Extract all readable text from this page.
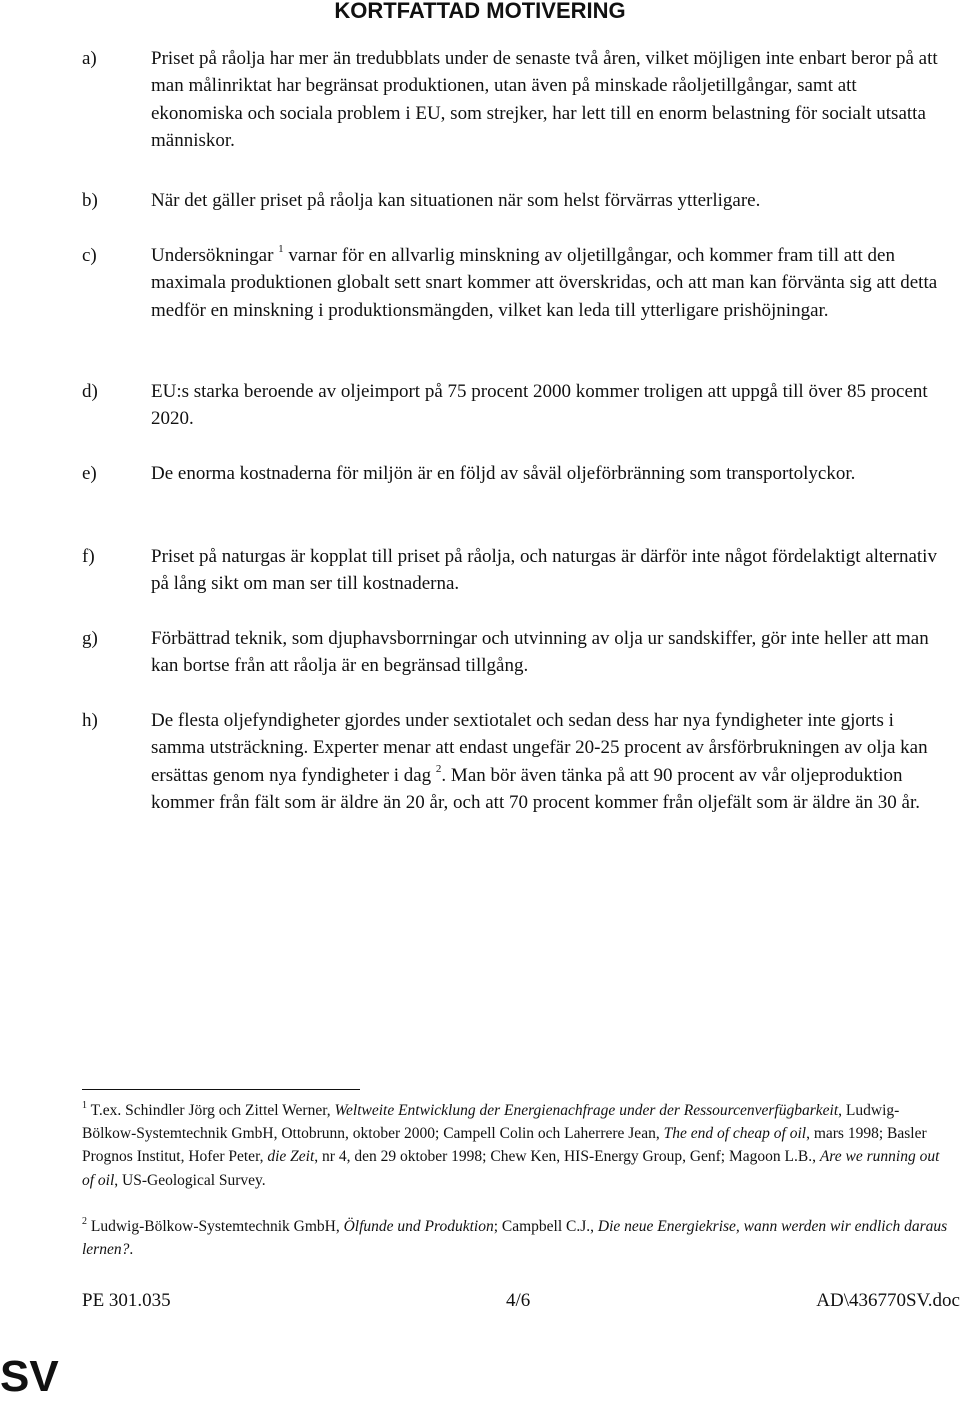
KORTFATTAD MOTIVERING
a)	Priset på råolja har mer än tredubblats under de senaste två åren, vilket möjligen inte enbart beror på att man målinriktat har begränsat produktionen, utan även på minskade råoljetillgångar, samt att ekonomiska och sociala problem i EU, som strejker, har lett till en enorm belastning för socialt utsatta människor.
b)	När det gäller priset på råolja kan situationen när som helst förvärras ytterligare.
c)	Undersökningar $^1$ varnar för en allvarlig minskning av oljetillgångar, och kommer fram till att den maximala produktionen globalt sett snart kommer att överskridas, och att man kan förvänta sig att detta medför en minskning i produktionsmängden, vilket kan leda till ytterligare prishöjningar.
d)	EU:s starka beroende av oljeimport på 75 procent 2000 kommer troligen att uppgå till över 85 procent 2020.
e)	De enorma kostnaderna för miljön är en följd av såväl oljeförbränning som transportolyckor.
f)	Priset på naturgas är kopplat till priset på råolja, och naturgas är därför inte något fördelaktigt alternativ på lång sikt om man ser till kostnaderna.
g)	Förbättrad teknik, som djuphavsborrningar och utvinning av olja ur sandskiffer, gör inte heller att man kan bortse från att råolja är en begränsad tillgång.
h)	De flesta oljefyndigheter gjordes under sextiotalet och sedan dess har nya fyndigheter inte gjorts i samma utsträckning. Experter menar att endast ungefär 20-25 procent av årsförbrukningen av olja kan ersättas genom nya fyndigheter i dag $^2$. Man bör även tänka på att 90 procent av vår oljeproduktion kommer från fält som är äldre än 20 år, och att 70 procent kommer från oljefält som är äldre än 30 år.
$^1$ T.ex. Schindler Jörg och Zittel Werner, Weltweite Entwicklung der Energienachfrage under der Ressourcenverfügbarkeit, Ludwig-Bölkow-Systemtechnik GmbH, Ottobrunn, oktober 2000; Campell Colin och Laherrere Jean, The end of cheap of oil, mars 1998; Basler Prognos Institut, Hofer Peter, die Zeit, nr 4, den 29 oktober 1998; Chew Ken, HIS-Energy Group, Genf; Magoon L.B., Are we running out of oil, US-Geological Survey.
$^2$ Ludwig-Bölkow-Systemtechnik GmbH, Ölfunde und Produktion; Campbell C.J., Die neue Energiekrise, wann werden wir endlich daraus lernen?.
PE 301.035	4/6	AD\436770SV.doc
SV
